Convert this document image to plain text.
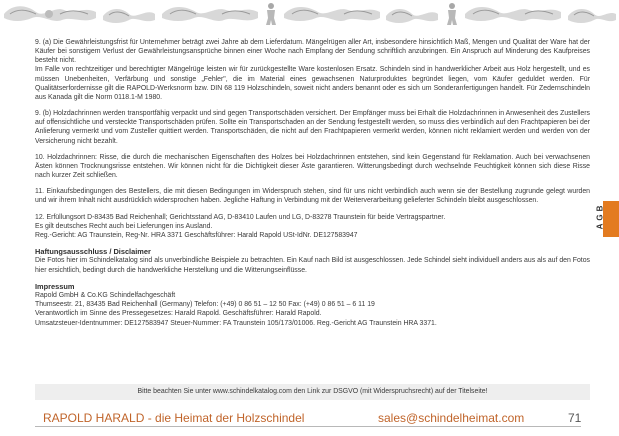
9. (a) Die Gewährleistungsfrist für Unternehmer beträgt zwei Jahre ab dem Lieferdatum. Mängelrügen aller Art, insbesondere hinsichtlich Maß, Mengen und Qualität der Ware hat der Käufer bei sonstigem Verlust der Gewährleistungsansprüche binnen einer Woche nach Empfang der Sendung schriftlich anzubringen. Ein Anspruch auf Minderung des Kaufpreises besteht nicht.

Im Falle von rechtzeitiger und berechtigter Mängelrüge leisten wir für zurückgestellte Ware kostenlosen Ersatz. Schindeln sind in handwerklicher Arbeit aus Holz hergestellt, und es müssen Unebenheiten, Verfärbung und sonstige „Fehler", die im Material eines gewachsenen Naturproduktes begründet liegen, vom Käufer geduldet werden. Für Qualitätserfordernisse gilt die RAPOLD-Werksnorm bzw. DIN 68 119 Holzschindeln, soweit nicht anders benannt oder es sich um Sonderanfertigungen handelt. Für Zedernschindeln aus Kanada gilt die Norm 0118.1-M 1980.

9. (b) Holzdachrinnen werden transportfähig verpackt und sind gegen Transportschäden versichert. Der Empfänger muss bei Erhalt die Holzdachrinnen in Anwesenheit des Zustellers auf offensichtliche und versteckte Transportschäden prüfen. Sollte ein Transportschaden an der Sendung festgestellt werden, so muss dies verbindlich auf den Frachtpapieren bei der Anlieferung vermerkt und vom Zusteller quittiert werden. Transportschäden, die nicht auf den Frachtpapieren vermerkt werden, können nicht reklamiert werden und werden von der Versicherung nicht bezahlt.

10. Holzdachrinnen: Risse, die durch die mechanischen Eigenschaften des Holzes bei Holzdachrinnen entstehen, sind kein Gegenstand für Reklamation. Auch bei verwachsenen Ästen können Trocknungsrisse entstehen. Wir können nicht für die Dichtigkeit dieser Äste garantieren. Witterungsbedingt durch wechselnde Feuchtigkeit können sich diese Risse nach kurzer Zeit schließen.

11. Einkaufsbedingungen des Bestellers, die mit diesen Bedingungen im Widerspruch stehen, sind für uns nicht verbindlich auch wenn sie der Bestellung zugrunde gelegt wurden und wir ihrem Inhalt nicht ausdrücklich widersprochen haben. Jegliche Haftung in Verbindung mit der Weiterverarbeitung gelieferter Schindeln bleibt ausgeschlossen.

12. Erfüllungsort D-83435 Bad Reichenhall; Gerichtsstand AG, D-83410 Laufen und LG, D-83278 Traunstein für beide Vertragspartner.

Es gilt deutsches Recht auch bei Lieferungen ins Ausland.

Reg.-Gericht: AG Traunstein, Reg-Nr. HRA 3371 Geschäftsführer: Harald Rapold USt-IdNr. DE127583947

Haftungsausschluss / Disclaimer

Die Fotos hier im Schindelkatalog sind als unverbindliche Beispiele zu betrachten. Ein Kauf nach Bild ist ausgeschlossen. Jede Schindel sieht individuell anders aus als auf den Fotos hier ersichtlich, bedingt durch die handwerkliche Herstellung und die Witterungseinflüsse.

Impressum

Rapold GmbH & Co.KG Schindelfachgeschäft

Thumseestr. 21, 83435 Bad Reichenhall (Germany) Telefon: (+49) 0 86 51 – 12 50 Fax: (+49) 0 86 51 – 6 11 19

Verantwortlich im Sinne des Pressegesetzes: Harald Rapold. Geschäftsführer: Harald Rapold.

Umsatzsteuer-Identnummer: DE127583947 Steuer-Nummer: FA Traunstein 105/173/01006. Reg.-Gericht AG Traunstein HRA 3371.

Bitte beachten Sie unter www.schindelkatalog.com den Link zur DSGVO (mit Widerspruchsrecht) auf der Titelseite!
AGB
RAPOLD HARALD - die Heimat der Holzschindel	sales@schindelheimat.com	71
